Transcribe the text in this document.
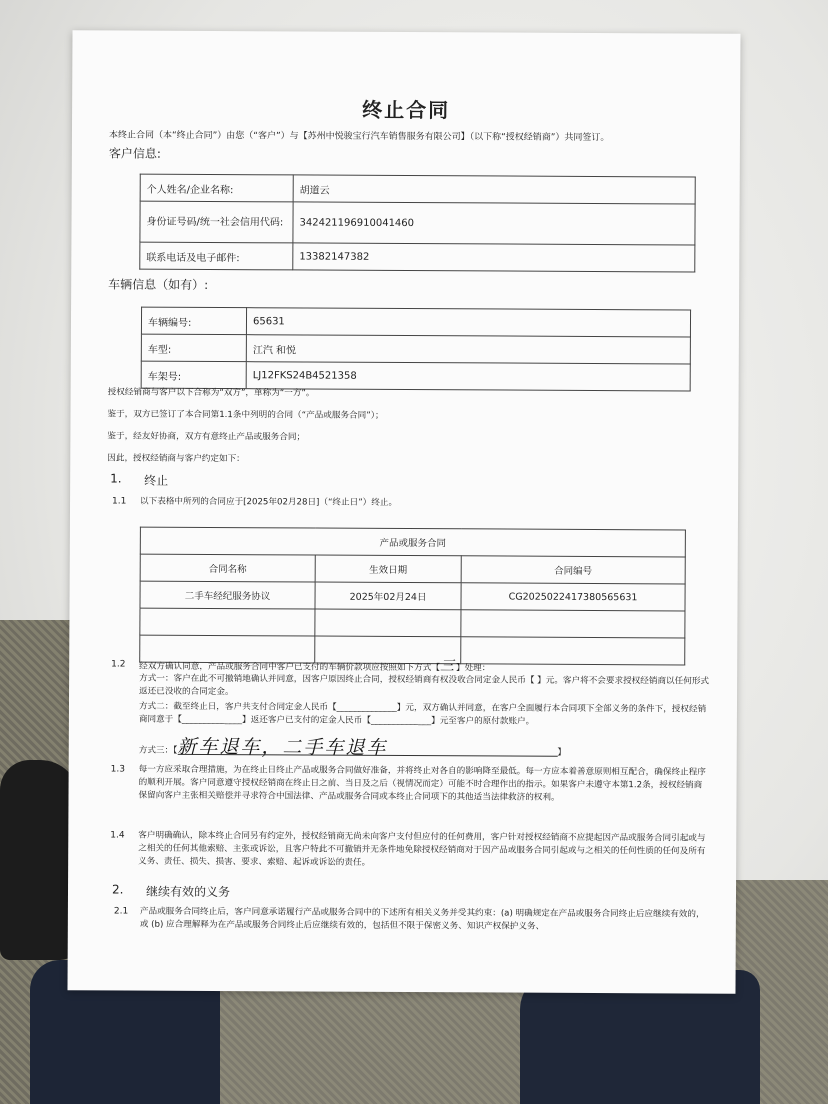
终止合同
本终止合同（本“终止合同”）由您（“客户”）与【苏州中悦骏宝行汽车销售服务有限公司】（以下称“授权经销商”）共同签订。
客户信息:
个人姓名/企业名称:	胡道云
身份证号码/统一社会信用代码:	342421196910041460
联系电话及电子邮件:	13382147382
车辆信息（如有）:
车辆编号:	65631
车型:	江汽 和悦
车架号:	LJ12FKS24B4521358
授权经销商与客户以下合称为“双方”，单称为“一方”。
鉴于，双方已签订了本合同第1.1条中列明的合同（“产品或服务合同”）；
鉴于，经友好协商，双方有意终止产品或服务合同；
因此，授权经销商与客户约定如下：
1. 终止
1.1 以下表格中所列的合同应于[2025年02月28日]（“终止日”）终止。
产品或服务合同		
合同名称	生效日期	合同编号
二手车经纪服务协议	2025年02月24日	CG2025022417380565631

1.2 经双方确认同意，产品或服务合同中客户已支付的车辆价款项应按照如下方式【三】处理：
方式一：客户在此不可撤销地确认并同意，因客户原因终止合同，授权经销商有权没收合同定金人民币【 】元。客户将不会要求授权经销商以任何形式返还已没收的合同定金。
方式二：截至终止日，客户共支付合同定金人民币【______________】元，双方确认并同意，在客户全面履行本合同项下全部义务的条件下，授权经销商同意于【______________】返还客户已支付的定金人民币【______________】元至客户的原付款账户。
方式三：【新车退车，二手车退车	】
1.3 每一方应采取合理措施，为在终止日终止产品或服务合同做好准备，并将终止对各自的影响降至最低。每一方应本着善意原则相互配合，确保终止程序的顺利开展。客户同意遵守授权经销商在终止日之前、当日及之后（视情况而定）可能不时合理作出的指示。如果客户未遵守本第1.2条，授权经销商保留向客户主张相关赔偿并寻求符合中国法律、产品或服务合同或本终止合同项下的其他适当法律救济的权利。
1.4 客户明确确认，除本终止合同另有约定外，授权经销商无尚未向客户支付但应付的任何费用，客户针对授权经销商不应提起因产品或服务合同引起或与之相关的任何其他索赔、主张或诉讼，且客户特此不可撤销并无条件地免除授权经销商对于因产品或服务合同引起或与之相关的任何性质的任何及所有义务、责任、损失、损害、要求、索赔、起诉或诉讼的责任。
2. 继续有效的义务
2.1 产品或服务合同终止后，客户同意承诺履行产品或服务合同中的下述所有相关义务并受其约束：(a) 明确规定在产品或服务合同终止后应继续有效的，或 (b) 应合理解释为在产品或服务合同终止后应继续有效的，包括但不限于保密义务、知识产权保护义务、
